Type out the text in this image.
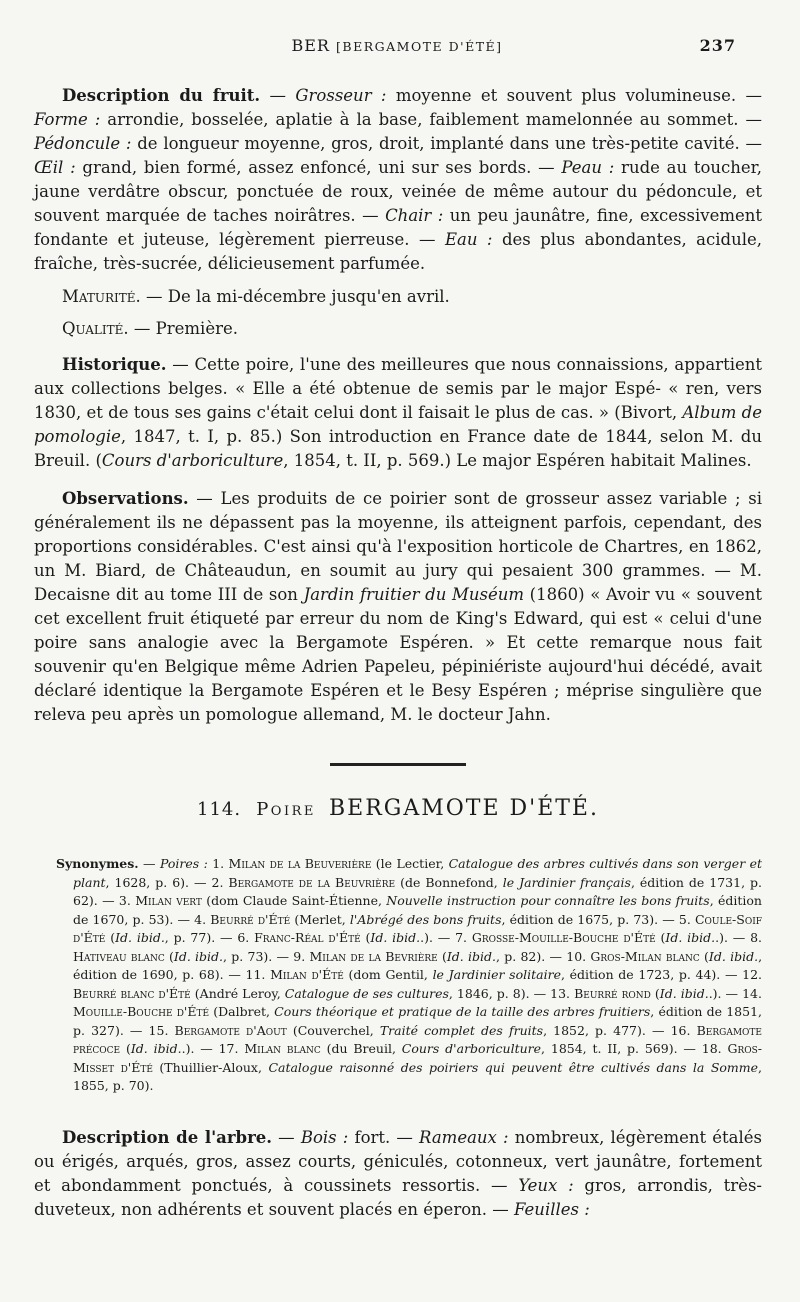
BER [BERGAMOTE D'ÉTÉ]	237

Description du fruit. — Grosseur : moyenne et souvent plus volumineuse. — Forme : arrondie, bosselée, aplatie à la base, faiblement mamelonnée au sommet. — Pédoncule : de longueur moyenne, gros, droit, implanté dans une très-petite cavité. — Œil : grand, bien formé, assez enfoncé, uni sur ses bords. — Peau : rude au toucher, jaune verdâtre obscur, ponctuée de roux, veinée de même autour du pédoncule, et souvent marquée de taches noirâtres. — Chair : un peu jaunâtre, fine, excessivement fondante et juteuse, légèrement pierreuse. — Eau : des plus abondantes, acidule, fraîche, très-sucrée, délicieusement parfumée.

Maturité. — De la mi-décembre jusqu'en avril.

Qualité. — Première.

Historique. — Cette poire, l'une des meilleures que nous connaissions, appartient aux collections belges. « Elle a été obtenue de semis par le major Espé- « ren, vers 1830, et de tous ses gains c'était celui dont il faisait le plus de cas. » (Bivort, Album de pomologie, 1847, t. I, p. 85.) Son introduction en France date de 1844, selon M. du Breuil. (Cours d'arboriculture, 1854, t. II, p. 569.) Le major Espéren habitait Malines.

Observations. — Les produits de ce poirier sont de grosseur assez variable ; si généralement ils ne dépassent pas la moyenne, ils atteignent parfois, cependant, des proportions considérables. C'est ainsi qu'à l'exposition horticole de Chartres, en 1862, un M. Biard, de Châteaudun, en soumit au jury qui pesaient 300 grammes. — M. Decaisne dit au tome III de son Jardin fruitier du Muséum (1860) « Avoir vu « souvent cet excellent fruit étiqueté par erreur du nom de King's Edward, qui est « celui d'une poire sans analogie avec la Bergamote Espéren. » Et cette remarque nous fait souvenir qu'en Belgique même Adrien Papeleu, pépiniériste aujourd'hui décédé, avait déclaré identique la Bergamote Espéren et le Besy Espéren ; méprise singulière que releva peu après un pomologue allemand, M. le docteur Jahn.

114. Poire BERGAMOTE D'ÉTÉ.

Synonymes. — Poires : 1. Milan de la Beuverière (le Lectier, Catalogue des arbres cultivés dans son verger et plant, 1628, p. 6). — 2. Bergamote de la Beuvrière (de Bonnefond, le Jardinier français, édition de 1731, p. 62). — 3. Milan vert (dom Claude Saint-Étienne, Nouvelle instruction pour connaître les bons fruits, édition de 1670, p. 53). — 4. Beurré d'Été (Merlet, l'Abrégé des bons fruits, édition de 1675, p. 73). — 5. Coule-Soif d'Été (Id. ibid., p. 77). — 6. Franc-Réal d'Été (Id. ibid..). — 7. Grosse-Mouille-Bouche d'Été (Id. ibid..). — 8. Hativeau blanc (Id. ibid., p. 73). — 9. Milan de la Bevrière (Id. ibid., p. 82). — 10. Gros-Milan blanc (Id. ibid., édition de 1690, p. 68). — 11. Milan d'Été (dom Gentil, le Jardinier solitaire, édition de 1723, p. 44). — 12. Beurré blanc d'Été (André Leroy, Catalogue de ses cultures, 1846, p. 8). — 13. Beurré rond (Id. ibid..). — 14. Mouille-Bouche d'Été (Dalbret, Cours théorique et pratique de la taille des arbres fruitiers, édition de 1851, p. 327). — 15. Bergamote d'Aout (Couverchel, Traité complet des fruits, 1852, p. 477). — 16. Bergamote précoce (Id. ibid..). — 17. Milan blanc (du Breuil, Cours d'arboriculture, 1854, t. II, p. 569). — 18. Gros-Misset d'Été (Thuillier-Aloux, Catalogue raisonné des poiriers qui peuvent être cultivés dans la Somme, 1855, p. 70).

Description de l'arbre. — Bois : fort. — Rameaux : nombreux, légèrement étalés ou érigés, arqués, gros, assez courts, géniculés, cotonneux, vert jaunâtre, fortement et abondamment ponctués, à coussinets ressortis. — Yeux : gros, arrondis, très-duveteux, non adhérents et souvent placés en éperon. — Feuilles :
